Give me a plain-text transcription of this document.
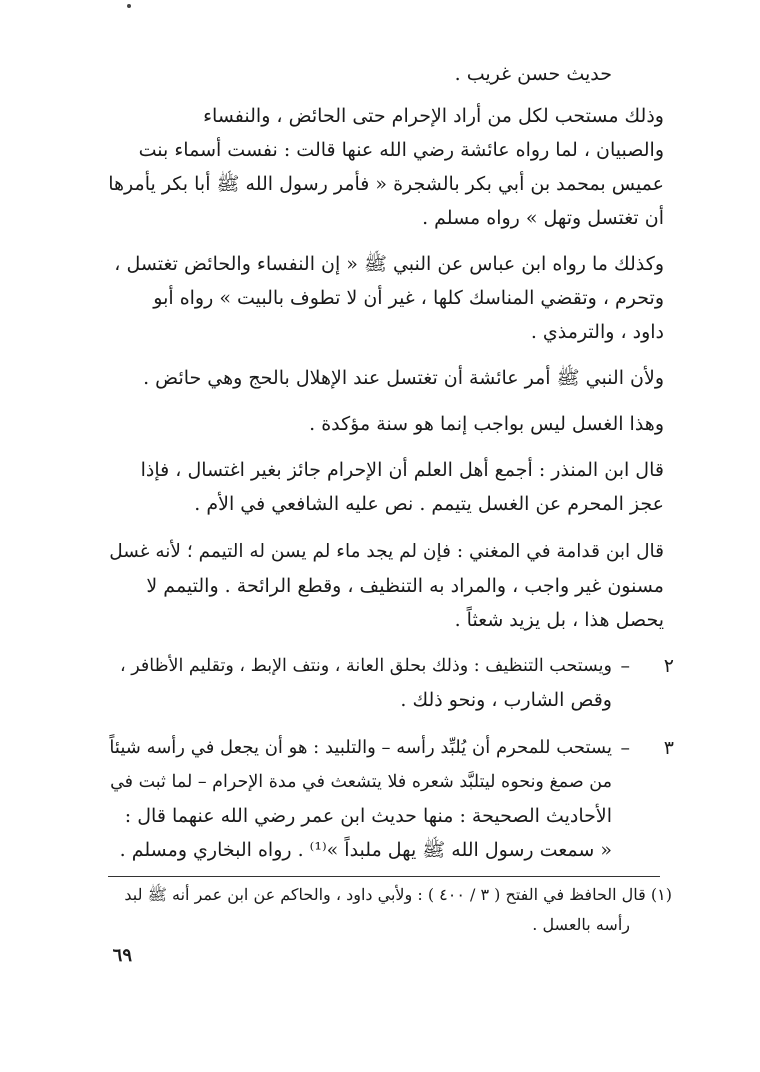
حديث حسن غريب .
وذلك مستحب لكل من أراد الإحرام حتى الحائض ، والنفساء
والصبيان ، لما رواه عائشة رضي الله عنها قالت : نفست أسماء بنت
عميس بمحمد بن أبي بكر بالشجرة « فأمر رسول الله ﷺ أبا بكر يأمرها
أن تغتسل وتهل » رواه مسلم .
وكذلك ما رواه ابن عباس عن النبي ﷺ « إن النفساء والحائض تغتسل ،
وتحرم ، وتقضي المناسك كلها ، غير أن لا تطوف بالبيت » رواه أبو
داود ، والترمذي .
ولأن النبي ﷺ أمر عائشة أن تغتسل عند الإهلال بالحج وهي حائض .
وهذا الغسل ليس بواجب إنما هو سنة مؤكدة .
قال ابن المنذر : أجمع أهل العلم أن الإحرام جائز بغير اغتسال ، فإذا
عجز المحرم عن الغسل يتيمم . نص عليه الشافعي في الأم .
قال ابن قدامة في المغني : فإن لم يجد ماء لم يسن له التيمم ؛ لأنه غسل
مسنون غير واجب ، والمراد به التنظيف ، وقطع الرائحة . والتيمم لا
يحصل هذا ، بل يزيد شعثاً .
٢
–
ويستحب التنظيف : وذلك بحلق العانة ، ونتف الإبط ، وتقليم الأظافر ،
وقص الشارب ، ونحو ذلك .
٣
–
يستحب للمحرم أن يُلبِّد رأسه – والتلبيد : هو أن يجعل في رأسه شيئاً
من صمغ ونحوه ليتلبَّد شعره فلا يتشعث في مدة الإحرام – لما ثبت في
الأحاديث الصحيحة : منها حديث ابن عمر رضي الله عنهما قال :
« سمعت رسول الله ﷺ يهل ملبداً »⁽¹⁾ . رواه البخاري ومسلم .
(١) قال الحافظ في الفتح ( ٣ / ٤٠٠ ) : ولأبي داود ، والحاكم عن ابن عمر أنه ﷺ لبد
رأسه بالعسل .
٦٩
